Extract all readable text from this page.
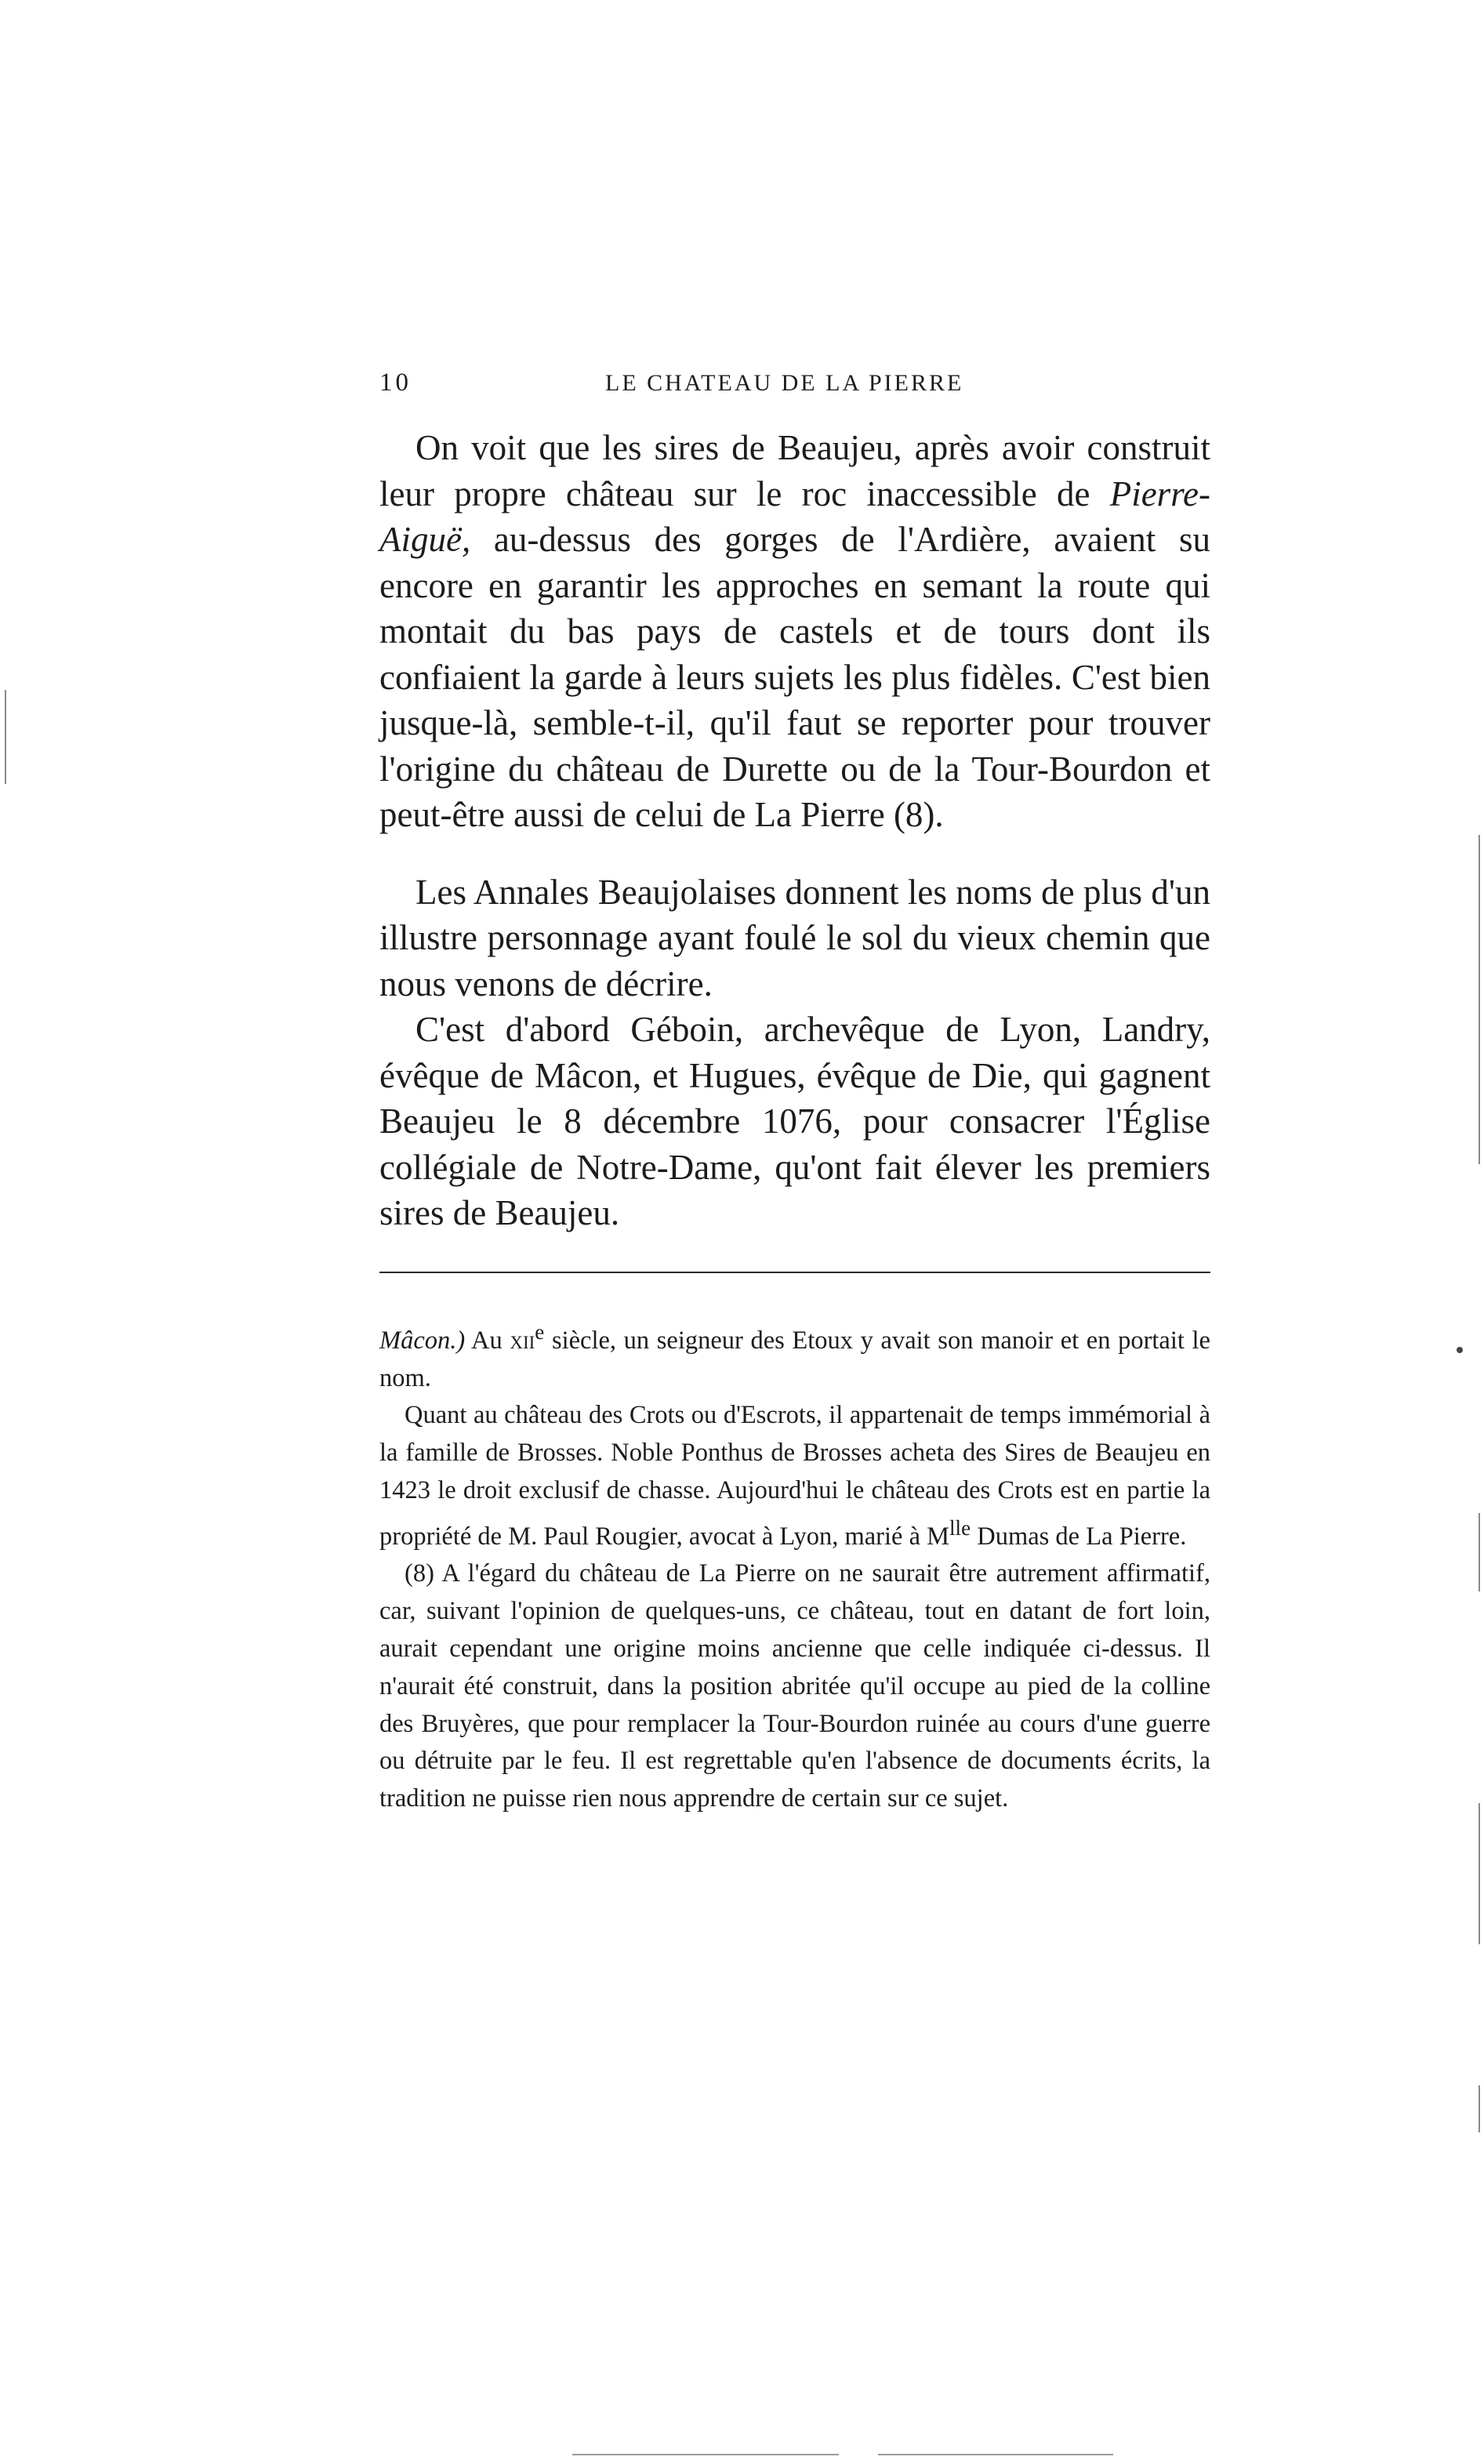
10	LE CHATEAU DE LA PIERRE

On voit que les sires de Beaujeu, après avoir construit leur propre château sur le roc inaccessible de Pierre-Aiguë, au-dessus des gorges de l'Ardière, avaient su encore en garantir les approches en semant la route qui montait du bas pays de castels et de tours dont ils confiaient la garde à leurs sujets les plus fidèles. C'est bien jusque-là, semble-t-il, qu'il faut se reporter pour trouver l'origine du château de Durette ou de la Tour-Bourdon et peut-être aussi de celui de La Pierre (8).

Les Annales Beaujolaises donnent les noms de plus d'un illustre personnage ayant foulé le sol du vieux chemin que nous venons de décrire.

C'est d'abord Géboin, archevêque de Lyon, Landry, évêque de Mâcon, et Hugues, évêque de Die, qui gagnent Beaujeu le 8 décembre 1076, pour consacrer l'Église collégiale de Notre-Dame, qu'ont fait élever les premiers sires de Beaujeu.

Mâcon.) Au xii$^e$ siècle, un seigneur des Etoux y avait son manoir et en portait le nom.

Quant au château des Crots ou d'Escrots, il appartenait de temps immémorial à la famille de Brosses. Noble Ponthus de Brosses acheta des Sires de Beaujeu en 1423 le droit exclusif de chasse. Aujourd'hui le château des Crots est en partie la propriété de M. Paul Rougier, avocat à Lyon, marié à $M^{lle}$ Dumas de La Pierre.

(8) A l'égard du château de La Pierre on ne saurait être autrement affirmatif, car, suivant l'opinion de quelques-uns, ce château, tout en datant de fort loin, aurait cependant une origine moins ancienne que celle indiquée ci-dessus. Il n'aurait été construit, dans la position abritée qu'il occupe au pied de la colline des Bruyères, que pour remplacer la Tour-Bourdon ruinée au cours d'une guerre ou détruite par le feu. Il est regrettable qu'en l'absence de documents écrits, la tradition ne puisse rien nous apprendre de certain sur ce sujet.
